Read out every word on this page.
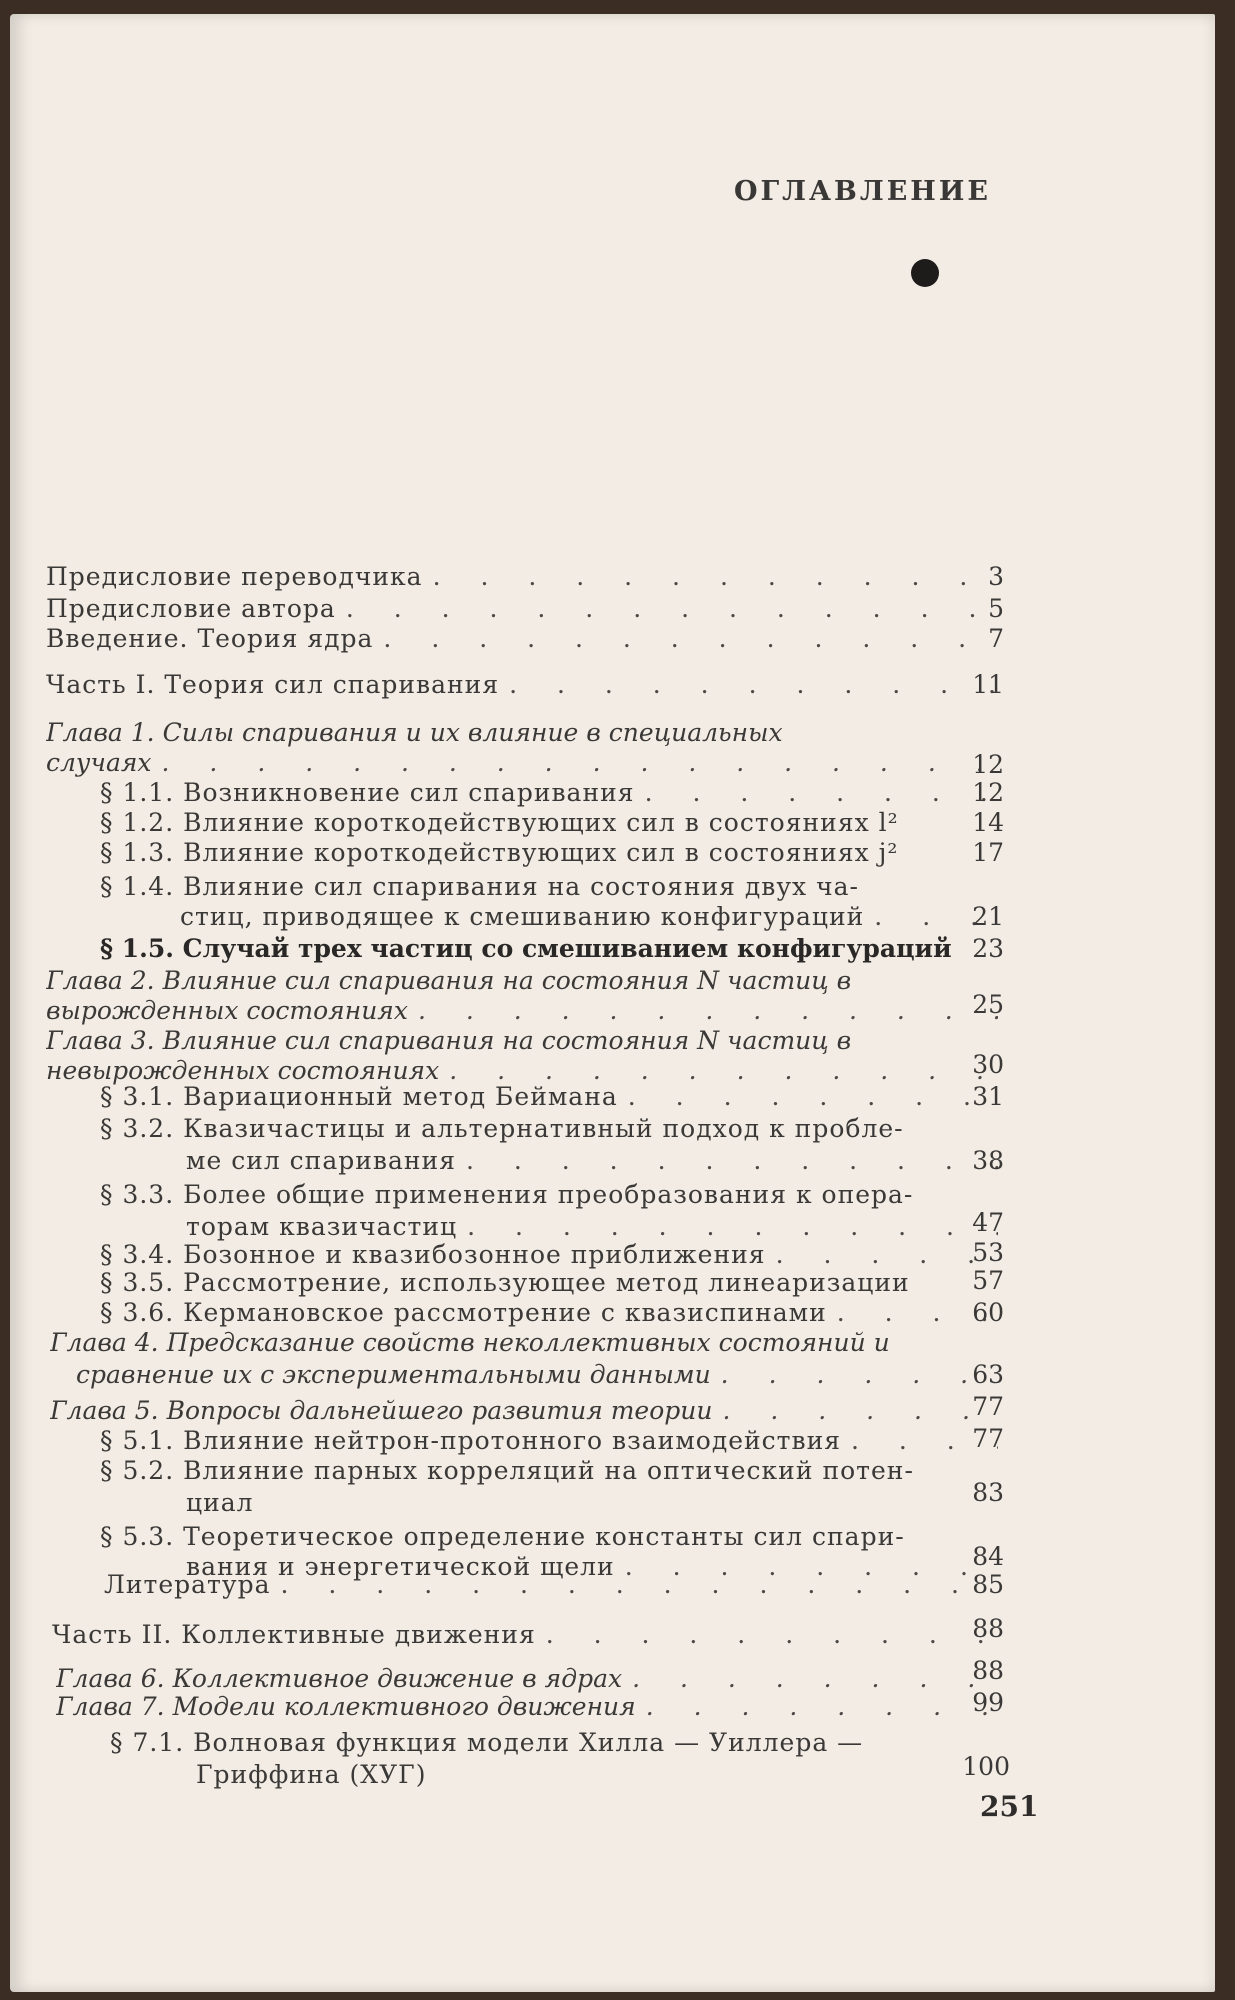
ОГЛАВЛЕНИЕ
Предисловие переводчика . . .	3
Предисловие автора . . .	5
Введение. Теория ядра . . .	7
Часть I. Теория сил спаривания . . .	11
Глава 1. Силы спаривания и их влияние в специальных
случаях . . .	12
§ 1.1. Возникновение сил спаривания . . .	12
§ 1.2. Влияние короткодействующих сил в состояниях l²	14
§ 1.3. Влияние короткодействующих сил в состояниях j²	17
§ 1.4. Влияние сил спаривания на состояния двух ча-
стиц, приводящее к смешиванию конфигураций . . .	21
§ 1.5. Случай трех частиц со смешиванием конфигураций 23
Глава 2. Влияние сил спаривания на состояния N частиц в
вырожденных состояниях . . .	25
Глава 3. Влияние сил спаривания на состояния N частиц в
невырожденных состояниях . . .	30
§ 3.1. Вариационный метод Беймана . . .	31
§ 3.2. Квазичастицы и альтернативный подход к пробле-
ме сил спаривания . . .	38
§ 3.3. Более общие применения преобразования к опера-
торам квазичастиц . . .	47
§ 3.4. Бозонное и квазибозонное приближения . . .	53
§ 3.5. Рассмотрение, использующее метод линеаризации	57
§ 3.6. Кермановское рассмотрение с квазиспинами . . .	60
Глава 4. Предсказание свойств неколлективных состояний и
сравнение их с экспериментальными данными . . .	63
Глава 5. Вопросы дальнейшего развития теории . . .	77
§ 5.1. Влияние нейтрон-протонного взаимодействия . . .	77
§ 5.2. Влияние парных корреляций на оптический потен-
циал	83
§ 5.3. Теоретическое определение константы сил спари-
вания и энергетической щели . . .	84
Литература . . .	85
Часть II. Коллективные движения . . .	88
Глава 6. Коллективное движение в ядрах . . .	88
Глава 7. Модели коллективного движения . . .	99
§ 7.1. Волновая функция модели Хилла — Уиллера —
Гриффина (ХУГ)	100
251
